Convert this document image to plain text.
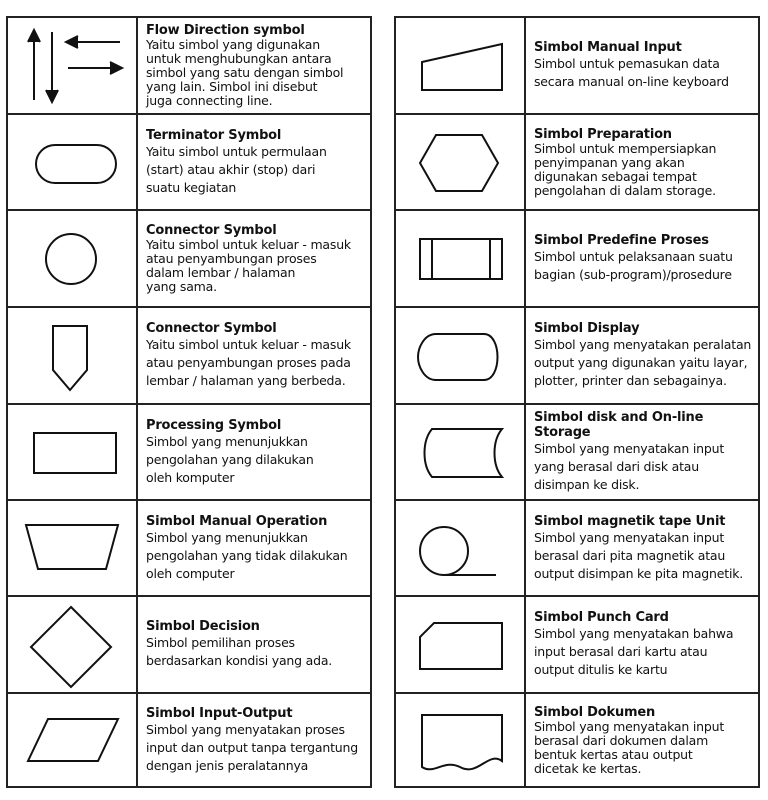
Flow Direction symbol
Yaitu simbol yang digunakan
untuk menghubungkan antara
simbol yang satu dengan simbol
yang lain. Simbol ini disebut
juga connecting line.
Terminator Symbol
Yaitu simbol untuk permulaan
(start) atau akhir (stop) dari
suatu kegiatan
Connector Symbol
Yaitu simbol untuk keluar - masuk
atau penyambungan proses
dalam lembar / halaman
yang sama.
Connector Symbol
Yaitu simbol untuk keluar - masuk
atau penyambungan proses pada
lembar / halaman yang berbeda.
Processing Symbol
Simbol yang menunjukkan
pengolahan yang dilakukan
oleh komputer
Simbol Manual Operation
Simbol yang menunjukkan
pengolahan yang tidak dilakukan
oleh computer
Simbol Decision
Simbol pemilihan proses
berdasarkan kondisi yang ada.
Simbol Input-Output
Simbol yang menyatakan proses
input dan output tanpa tergantung
dengan jenis peralatannya
Simbol Manual Input
Simbol untuk pemasukan data
secara manual on-line keyboard
Simbol Preparation
Simbol untuk mempersiapkan
penyimpanan yang akan
digunakan sebagai tempat
pengolahan di dalam storage.
Simbol Predefine Proses
Simbol untuk pelaksanaan suatu
bagian (sub-program)/prosedure
Simbol Display
Simbol yang menyatakan peralatan
output yang digunakan yaitu layar,
plotter, printer dan sebagainya.
Simbol disk and On-line Storage
Simbol yang menyatakan input
yang berasal dari disk atau
disimpan ke disk.
Simbol magnetik tape Unit
Simbol yang menyatakan input
berasal dari pita magnetik atau
output disimpan ke pita magnetik.
Simbol Punch Card
Simbol yang menyatakan bahwa
input berasal dari kartu atau
output ditulis ke kartu
Simbol Dokumen
Simbol yang menyatakan input
berasal dari dokumen dalam
bentuk kertas atau output
dicetak ke kertas.
